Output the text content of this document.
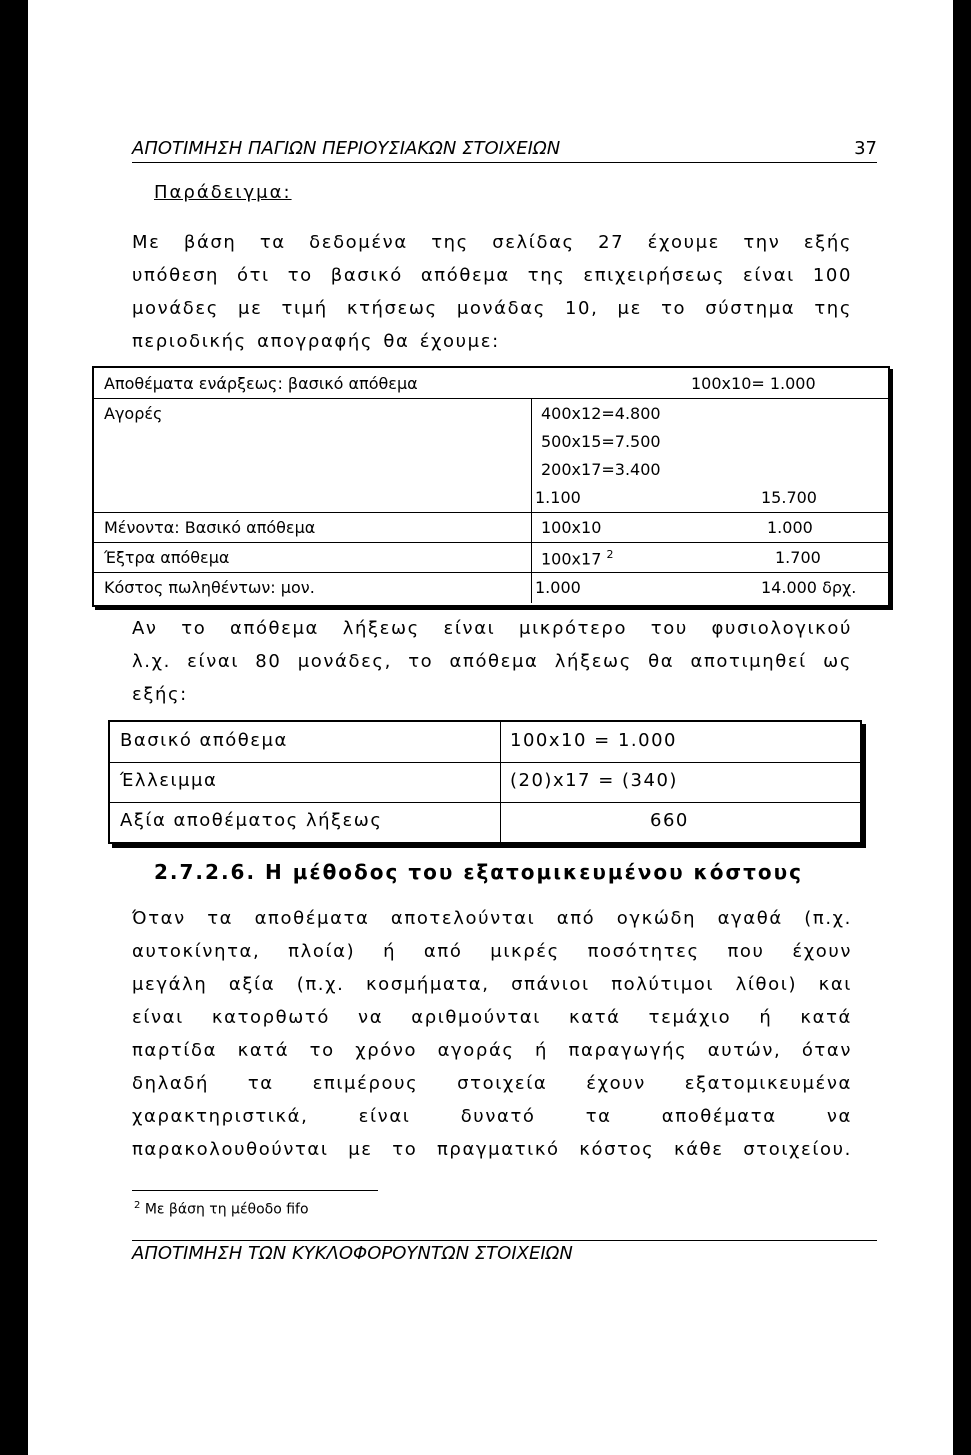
ΑΠΟΤΙΜΗΣΗ ΠΑΓΙΩΝ ΠΕΡΙΟΥΣΙΑΚΩΝ ΣΤΟΙΧΕΙΩΝ	37
Παράδειγμα:
Με βάση τα δεδομένα της σελίδας 27 έχουμε την εξής
υπόθεση ότι το βασικό απόθεμα της επιχειρήσεως είναι 100
μονάδες με τιμή κτήσεως μονάδας 10, με το σύστημα της
περιοδικής απογραφής θα έχουμε:
Αποθέματα ενάρξεως: βασικό απόθεμα	100x10= 1.000
Αγορές	400x12=4.800
500x15=7.500
200x17=3.400
1.100	15.700
Μένοντα: Βασικό απόθεμα	100x10	1.000
Έξτρα απόθεμα	100x17 $^2$	1.700
Κόστος πωληθέντων: μον.	1.000	14.000 δρχ.
Αν το απόθεμα λήξεως είναι μικρότερο του φυσιολογικού
λ.χ. είναι 80 μονάδες, το απόθεμα λήξεως θα αποτιμηθεί ως
εξής:
Βασικό απόθεμα	100x10 = 1.000
Έλλειμμα	(20)x17 = (340)
Αξία αποθέματος λήξεως	660
2.7.2.6. Η μέθοδος του εξατομικευμένου κόστους
Όταν τα αποθέματα αποτελούνται από ογκώδη αγαθά (π.χ.
αυτοκίνητα, πλοία) ή από μικρές ποσότητες που έχουν
μεγάλη αξία (π.χ. κοσμήματα, σπάνιοι πολύτιμοι λίθοι) και
είναι κατορθωτό να αριθμούνται κατά τεμάχιο ή κατά
παρτίδα κατά το χρόνο αγοράς ή παραγωγής αυτών, όταν
δηλαδή τα επιμέρους στοιχεία έχουν εξατομικευμένα
χαρακτηριστικά, είναι δυνατό τα αποθέματα να
παρακολουθούνται με το πραγματικό κόστος κάθε στοιχείου.
$^2$ Με βάση τη μέθοδο fifo
ΑΠΟΤΙΜΗΣΗ ΤΩΝ ΚΥΚΛΟΦΟΡΟΥΝΤΩΝ ΣΤΟΙΧΕΙΩΝ
